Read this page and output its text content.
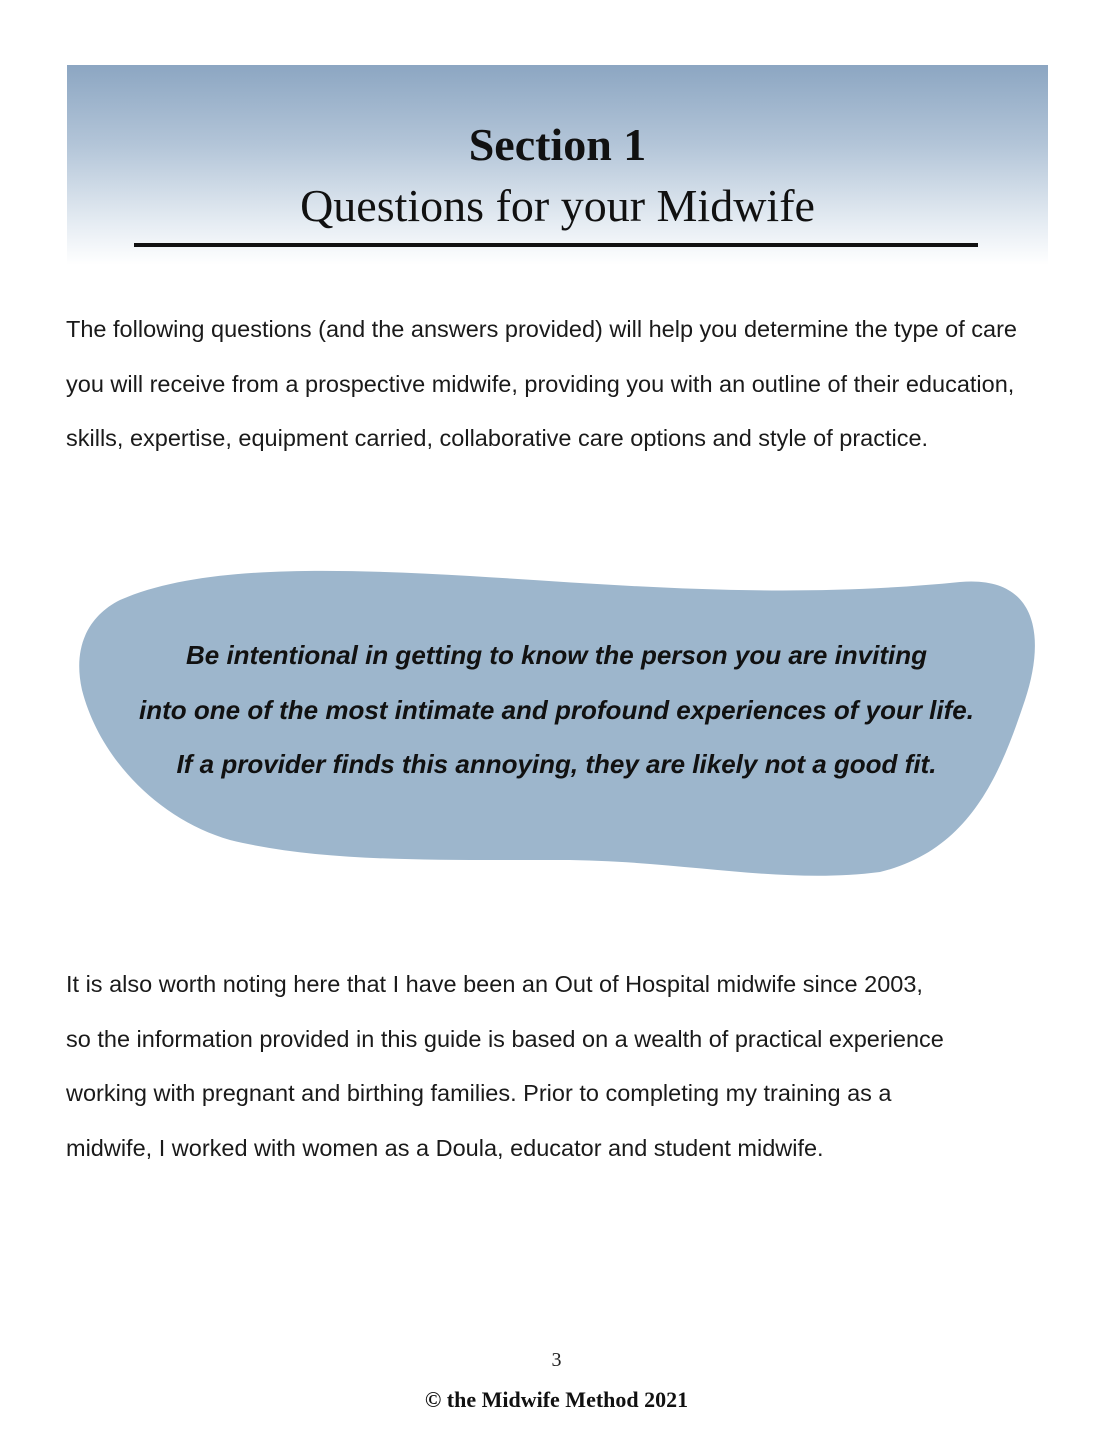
Section 1
Questions for your Midwife

The following questions (and the answers provided) will help you determine the type of care you will receive from a prospective midwife, providing you with an outline of their education, skills, expertise, equipment carried, collaborative care options and style of practice.

Be intentional in getting to know the person you are inviting
into one of the most intimate and profound experiences of your life.
If a provider finds this annoying, they are likely not a good fit.

It is also worth noting here that I have been an Out of Hospital midwife since 2003,
so the information provided in this guide is based on a wealth of practical experience
working with pregnant and birthing families. Prior to completing my training as a
midwife, I worked with women as a Doula, educator and student midwife.

3
© the Midwife Method 2021
